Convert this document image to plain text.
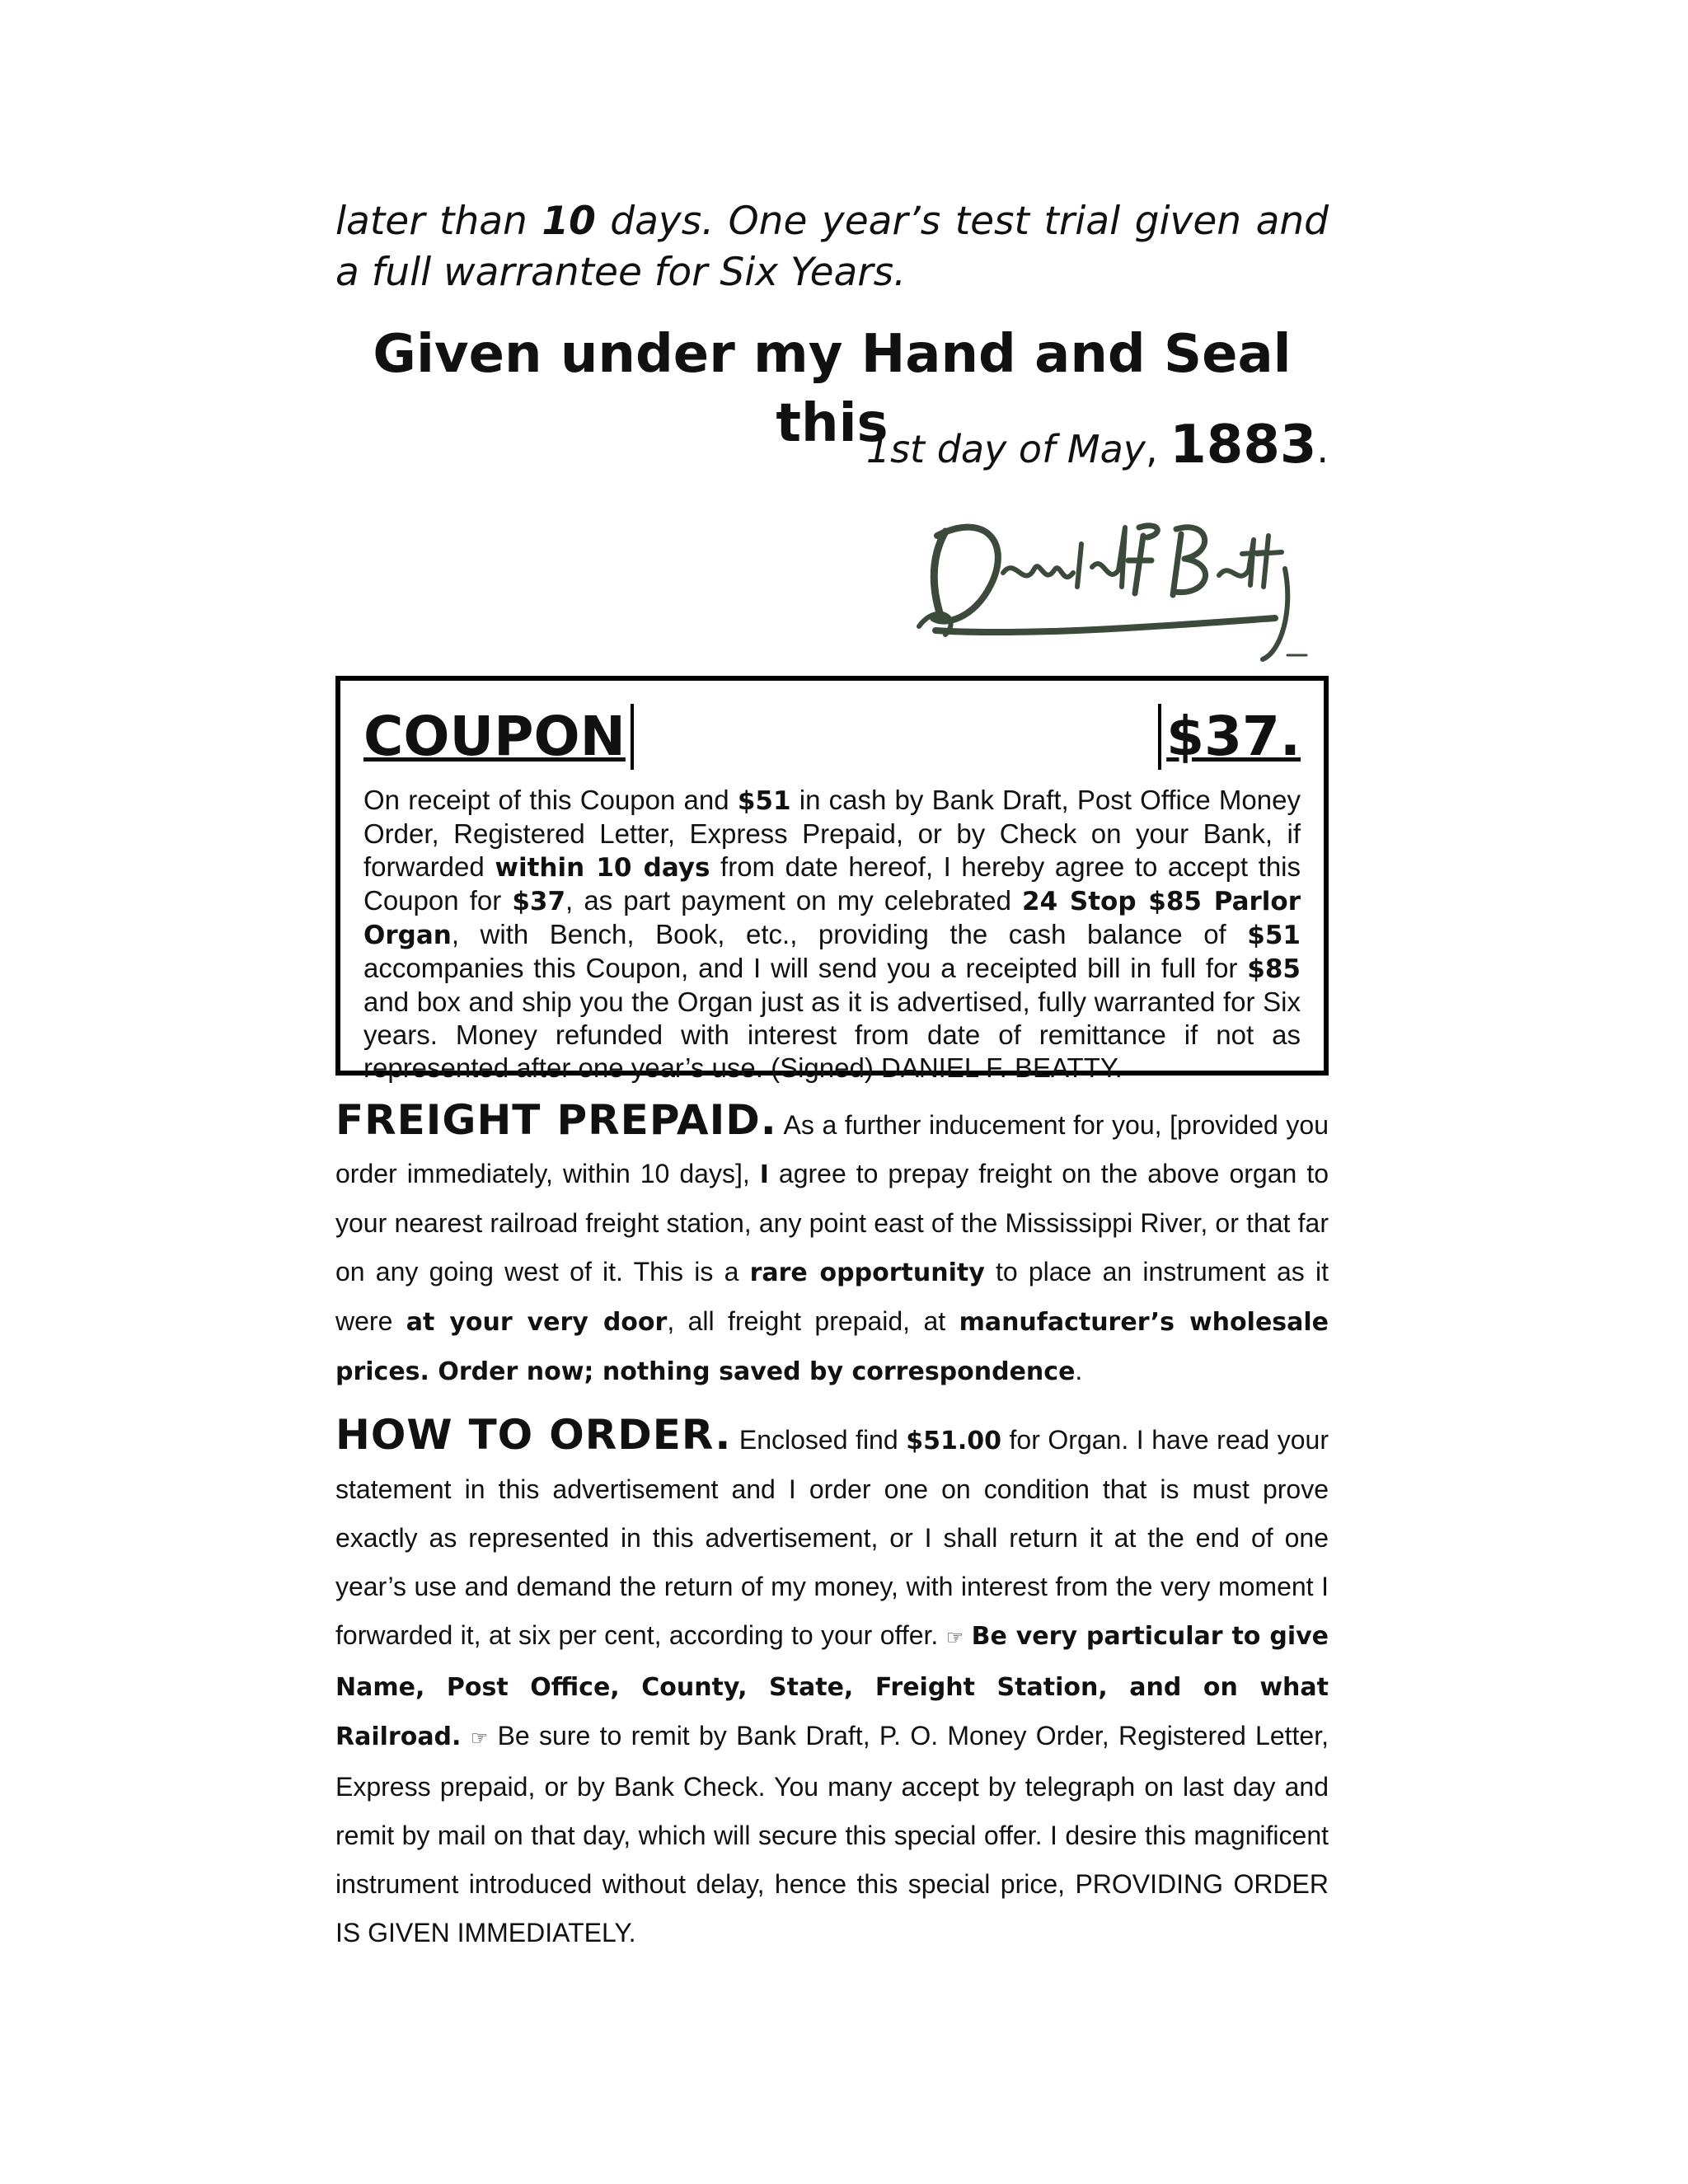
later than 10 days. One year’s test trial given and a full warrantee for Six Years.

Given under my Hand and Seal this

1st day of May, 1883.

COUPON	$37.

On receipt of this Coupon and $51 in cash by Bank Draft, Post Office Money Order, Registered Letter, Express Prepaid, or by Check on your Bank, if forwarded within 10 days from date hereof, I hereby agree to accept this Coupon for $37, as part payment on my celebrated 24 Stop $85 Parlor Organ, with Bench, Book, etc., providing the cash balance of $51 accompanies this Coupon, and I will send you a receipted bill in full for $85 and box and ship you the Organ just as it is advertised, fully warranted for Six years. Money refunded with interest from date of remittance if not as represented after one year’s use. (Signed) DANIEL F. BEATTY.

FREIGHT PREPAID. As a further inducement for you, [provided you order immediately, within 10 days], I agree to prepay freight on the above organ to your nearest railroad freight station, any point east of the Mississippi River, or that far on any going west of it. This is a rare opportunity to place an instrument as it were at your very door, all freight prepaid, at manufacturer’s wholesale prices. Order now; nothing saved by correspondence.

HOW TO ORDER. Enclosed find $51.00 for Organ. I have read your statement in this advertisement and I order one on condition that is must prove exactly as represented in this advertisement, or I shall return it at the end of one year’s use and demand the return of my money, with interest from the very moment I forwarded it, at six per cent, according to your offer. ☞ Be very particular to give Name, Post Office, County, State, Freight Station, and on what Railroad. ☞ Be sure to remit by Bank Draft, P. O. Money Order, Registered Letter, Express prepaid, or by Bank Check. You many accept by telegraph on last day and remit by mail on that day, which will secure this special offer. I desire this magnificent instrument introduced without delay, hence this special price, PROVIDING ORDER IS GIVEN IMMEDIATELY.
